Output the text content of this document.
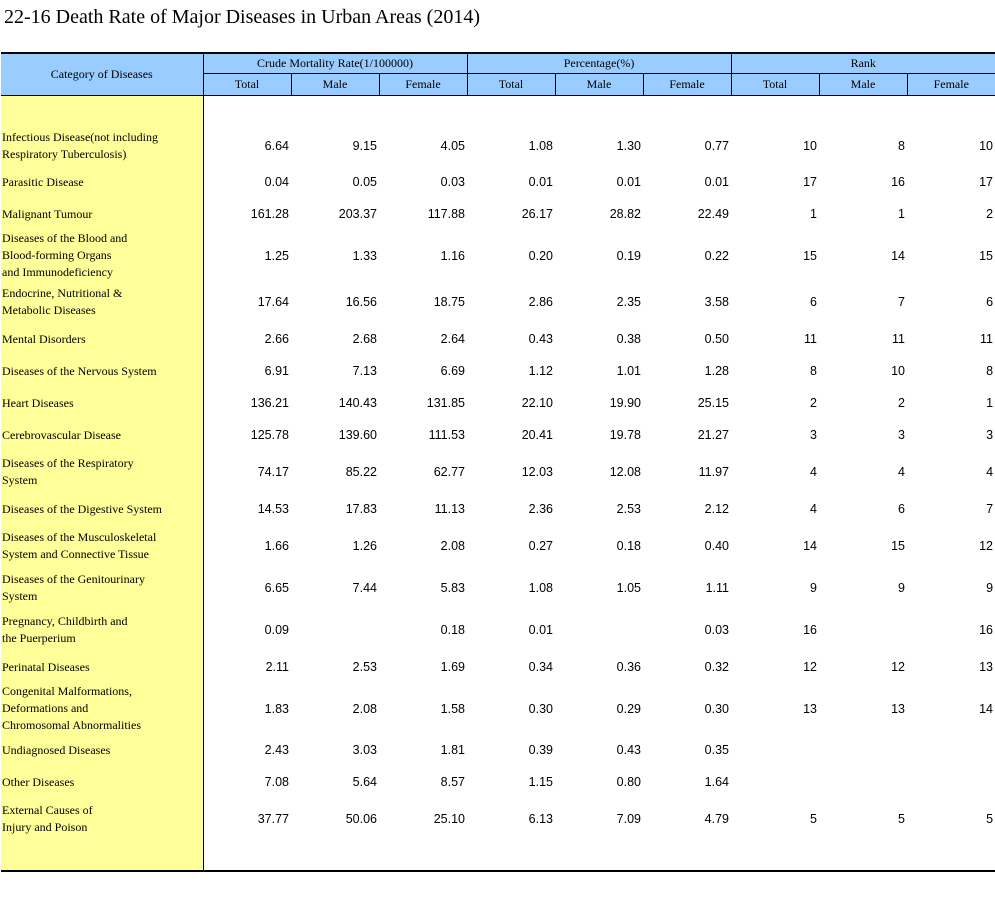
22-16 Death Rate of Major Diseases in Urban Areas (2014)
Category of Diseases	Crude Mortality Rate(1/100000)			Percentage(%)			Rank		
	Total	Male	Female	Total	Male	Female	Total	Male	Female

Infectious Disease(not including
Respiratory Tuberculosis)	6.64	9.15	4.05	1.08	1.30	0.77	10	8	10
Parasitic Disease	0.04	0.05	0.03	0.01	0.01	0.01	17	16	17
Malignant Tumour	161.28	203.37	117.88	26.17	28.82	22.49	1	1	2
Diseases of the Blood and
Blood-forming Organs
and Immunodeficiency	1.25	1.33	1.16	0.20	0.19	0.22	15	14	15
Endocrine, Nutritional &
Metabolic Diseases	17.64	16.56	18.75	2.86	2.35	3.58	6	7	6
Mental Disorders	2.66	2.68	2.64	0.43	0.38	0.50	11	11	11
Diseases of the Nervous System	6.91	7.13	6.69	1.12	1.01	1.28	8	10	8
Heart Diseases	136.21	140.43	131.85	22.10	19.90	25.15	2	2	1
Cerebrovascular Disease	125.78	139.60	111.53	20.41	19.78	21.27	3	3	3
Diseases of the Respiratory
System	74.17	85.22	62.77	12.03	12.08	11.97	4	4	4
Diseases of the Digestive System	14.53	17.83	11.13	2.36	2.53	2.12	4	6	7
Diseases of the Musculoskeletal
System and Connective Tissue	1.66	1.26	2.08	0.27	0.18	0.40	14	15	12
Diseases of the Genitourinary
System	6.65	7.44	5.83	1.08	1.05	1.11	9	9	9
Pregnancy, Childbirth and
the Puerperium	0.09		0.18	0.01		0.03	16		16
Perinatal Diseases	2.11	2.53	1.69	0.34	0.36	0.32	12	12	13
Congenital Malformations,
Deformations and
Chromosomal Abnormalities	1.83	2.08	1.58	0.30	0.29	0.30	13	13	14
Undiagnosed Diseases	2.43	3.03	1.81	0.39	0.43	0.35			
Other Diseases	7.08	5.64	8.57	1.15	0.80	1.64			
External Causes of
Injury and Poison	37.77	50.06	25.10	6.13	7.09	4.79	5	5	5
